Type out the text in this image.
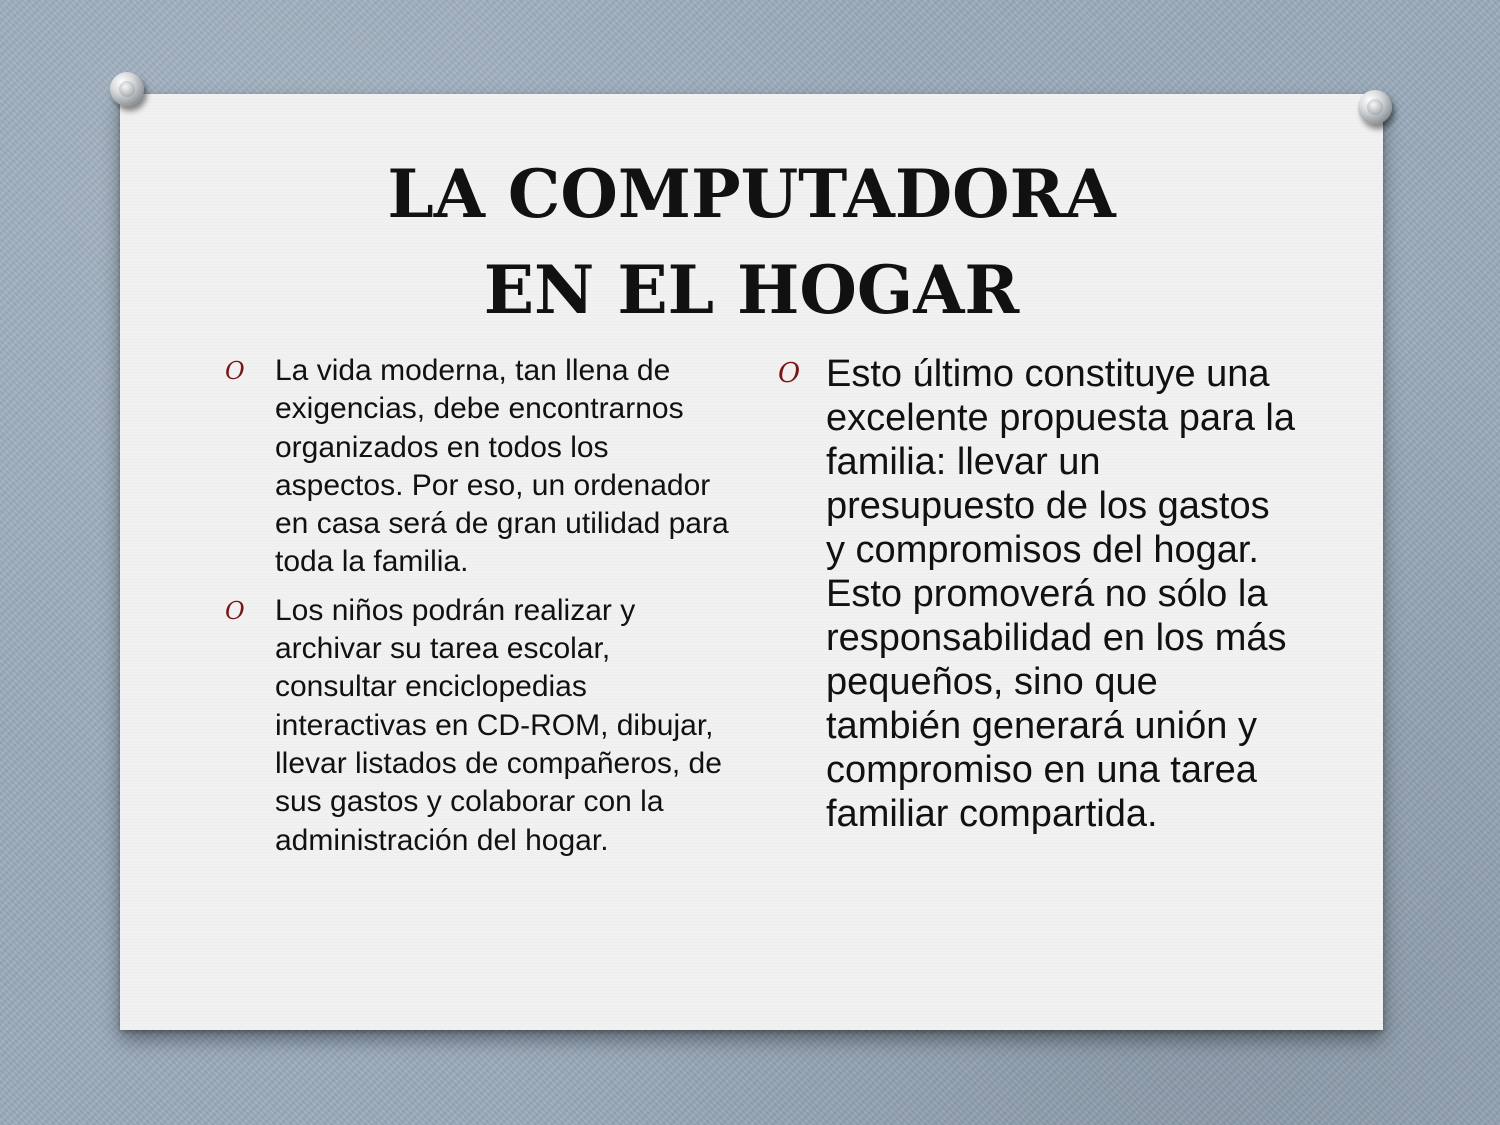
LA COMPUTADORA
EN EL HOGAR
O La vida moderna, tan llena de exigencias, debe encontrarnos organizados en todos los aspectos. Por eso, un ordenador en casa será de gran utilidad para toda la familia.
O Los niños podrán realizar y archivar su tarea escolar, consultar enciclopedias interactivas en CD-ROM, dibujar, llevar listados de compañeros, de sus gastos y colaborar con la administración del hogar.
O Esto último constituye una excelente propuesta para la familia: llevar un presupuesto de los gastos y compromisos del hogar. Esto promoverá no sólo la responsabilidad en los más pequeños, sino que también generará unión y compromiso en una tarea familiar compartida.
